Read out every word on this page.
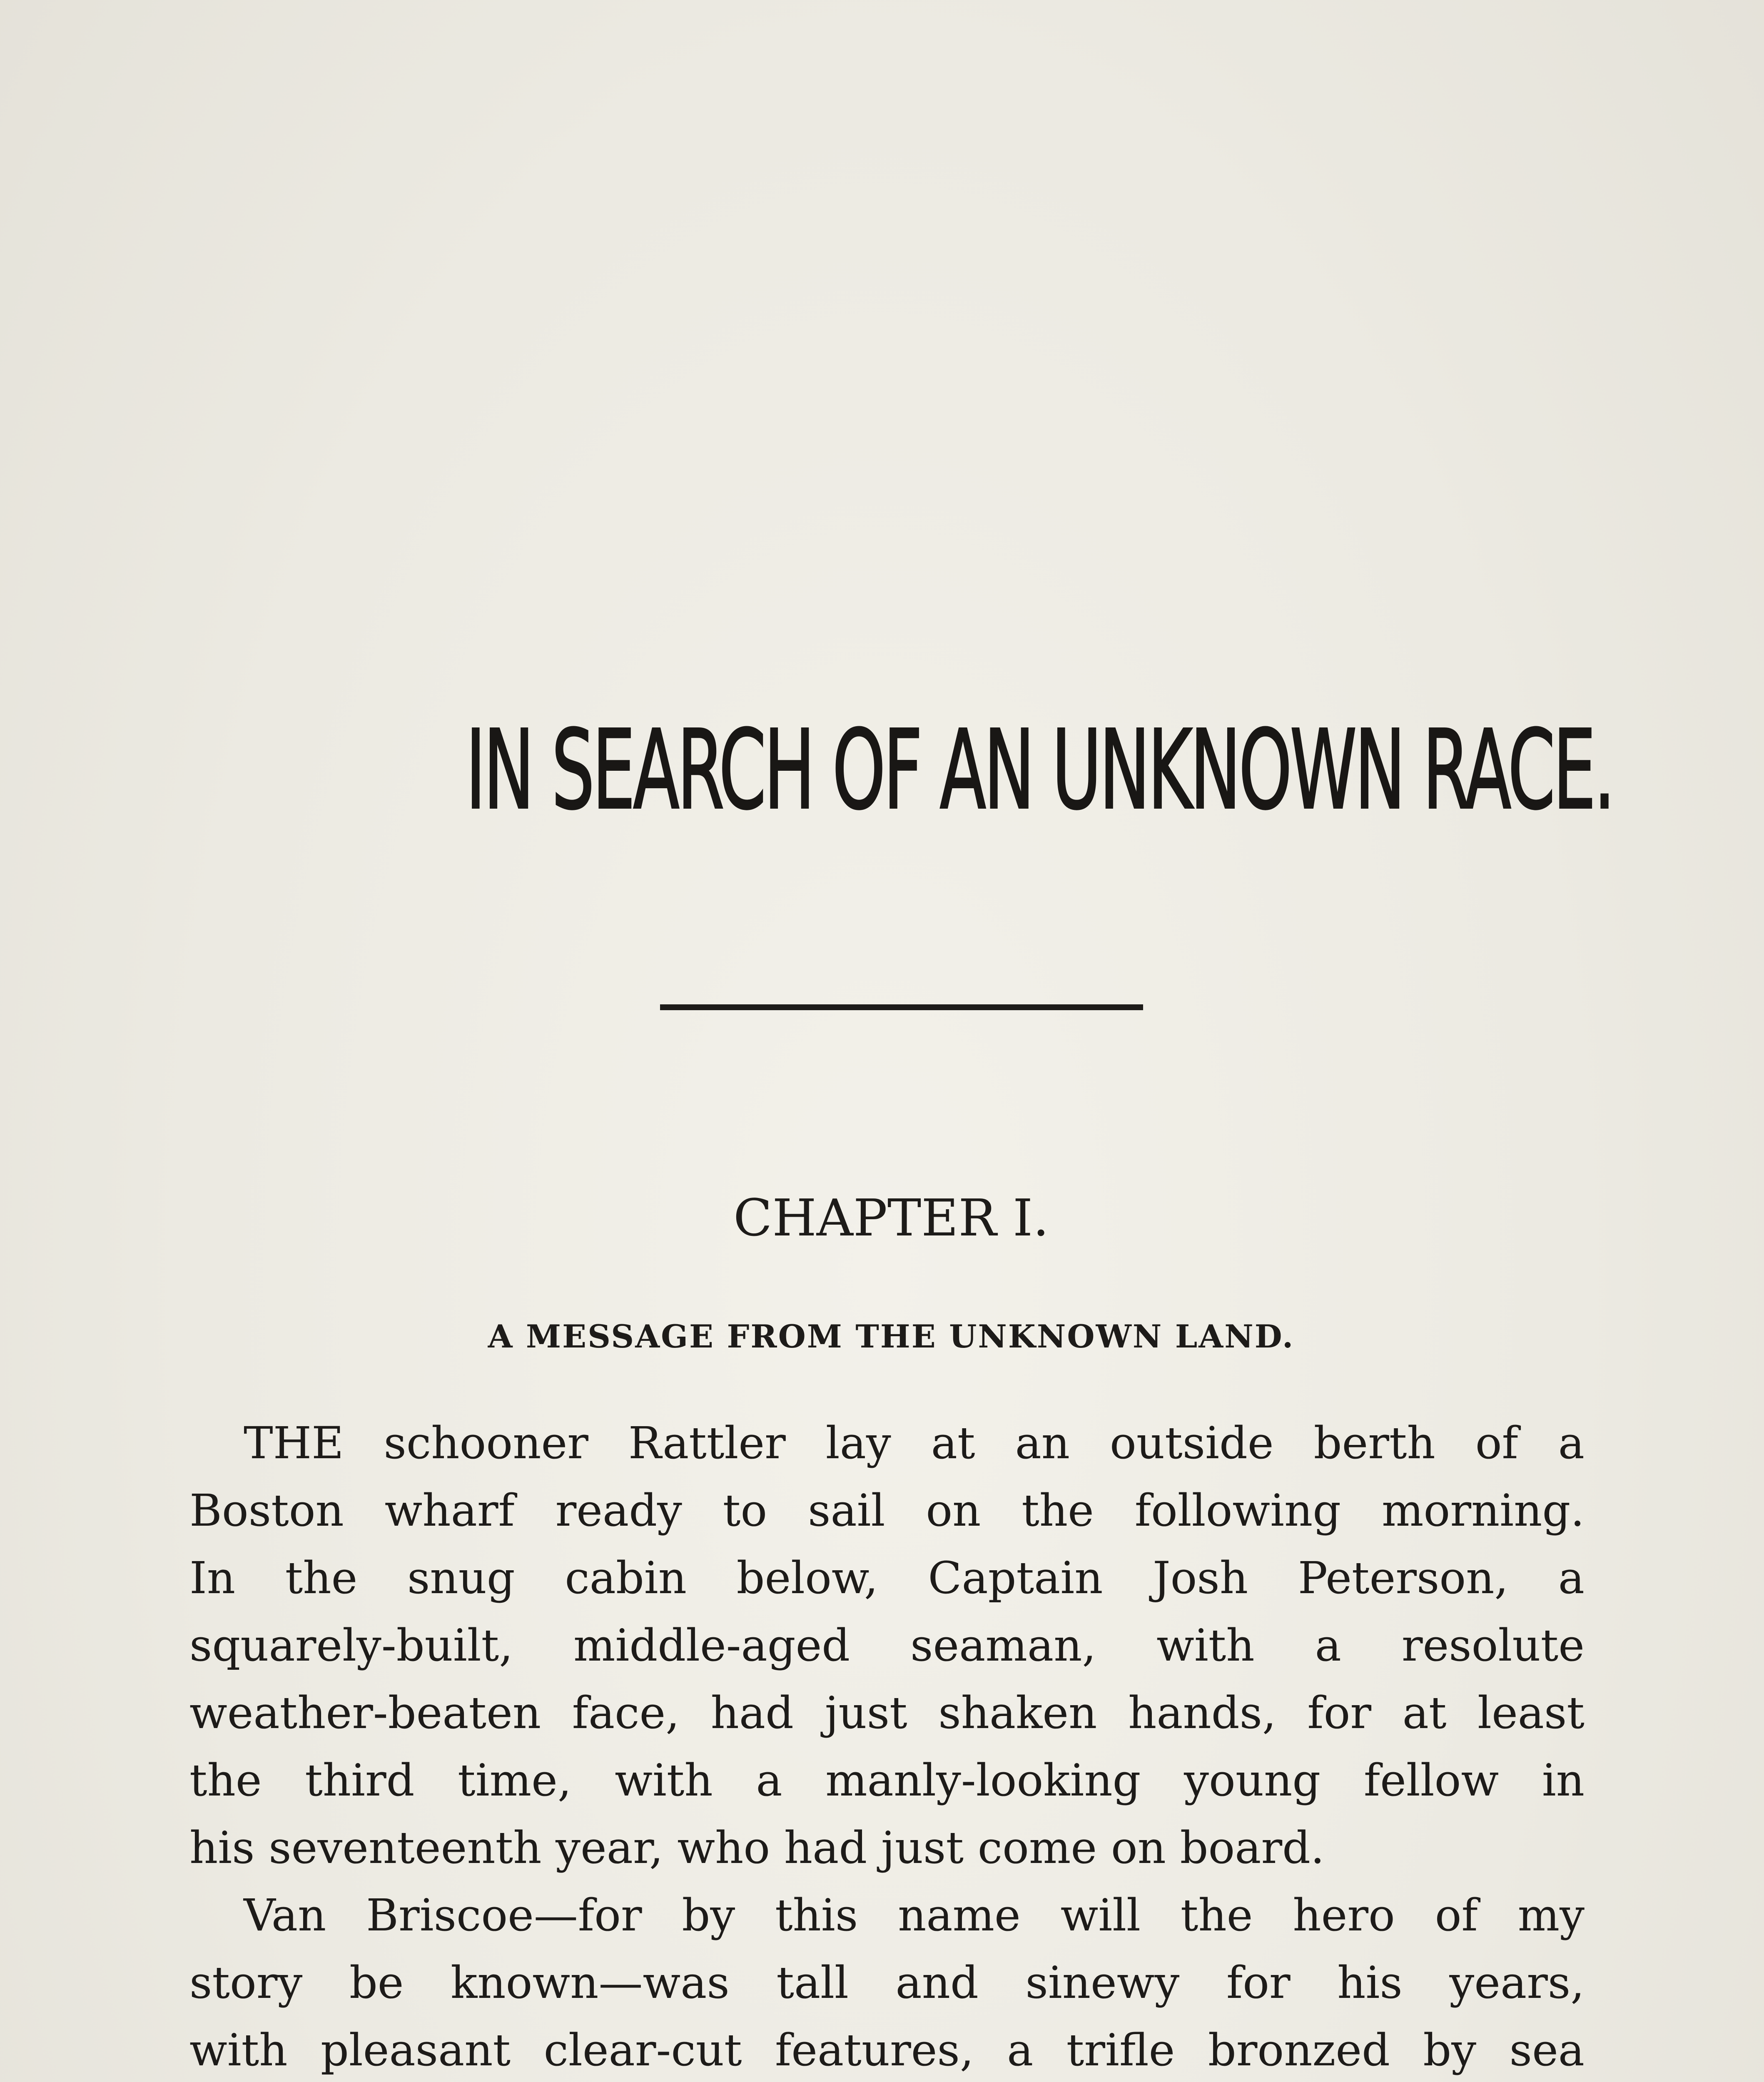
IN SEARCH OF AN UNKNOWN RACE.
CHAPTER I.
A MESSAGE FROM THE UNKNOWN LAND.
THE schooner Rattler lay at an outside berth of a
Boston wharf ready to sail on the following morning.
In the snug cabin below, Captain Josh Peterson, a
squarely-built, middle-aged seaman, with a resolute
weather-beaten face, had just shaken hands, for at least
the third time, with a manly-looking young fellow in
his seventeenth year, who had just come on board.
Van Briscoe—for by this name will the hero of my
story be known—was tall and sinewy for his years,
with pleasant clear-cut features, a trifle bronzed by sea
